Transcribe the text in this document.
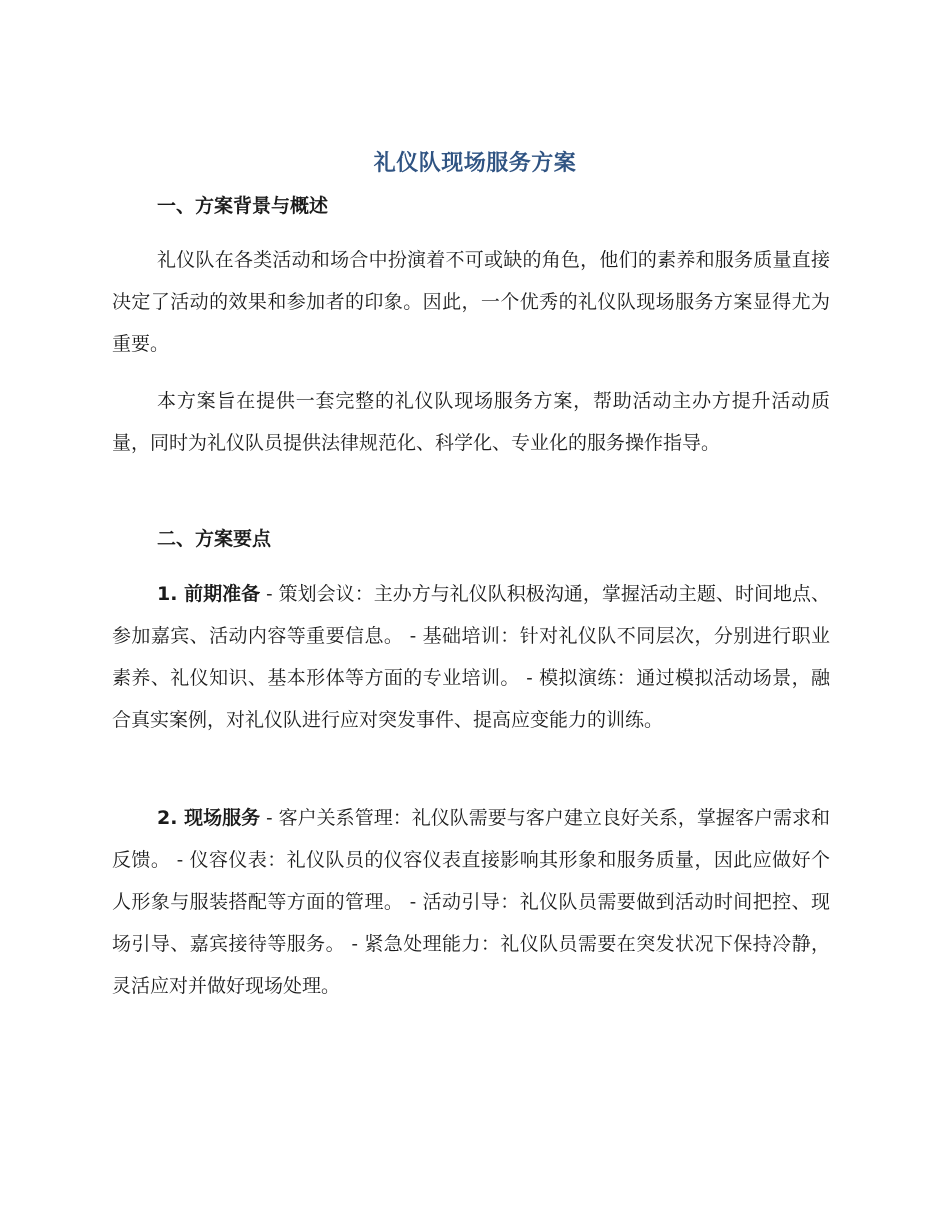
礼仪队现场服务方案
一、方案背景与概述

礼仪队在各类活动和场合中扮演着不可或缺的角色，他们的素养和服务质量直接决定了活动的效果和参加者的印象。因此，一个优秀的礼仪队现场服务方案显得尤为重要。

本方案旨在提供一套完整的礼仪队现场服务方案，帮助活动主办方提升活动质量，同时为礼仪队员提供法律规范化、科学化、专业化的服务操作指导。

二、方案要点

1. 前期准备 - 策划会议：主办方与礼仪队积极沟通，掌握活动主题、时间地点、参加嘉宾、活动内容等重要信息。 - 基础培训：针对礼仪队不同层次，分别进行职业素养、礼仪知识、基本形体等方面的专业培训。 - 模拟演练：通过模拟活动场景，融合真实案例，对礼仪队进行应对突发事件、提高应变能力的训练。

2. 现场服务 - 客户关系管理：礼仪队需要与客户建立良好关系，掌握客户需求和反馈。 - 仪容仪表：礼仪队员的仪容仪表直接影响其形象和服务质量，因此应做好个人形象与服装搭配等方面的管理。 - 活动引导：礼仪队员需要做到活动时间把控、现场引导、嘉宾接待等服务。 - 紧急处理能力：礼仪队员需要在突发状况下保持冷静，灵活应对并做好现场处理。
